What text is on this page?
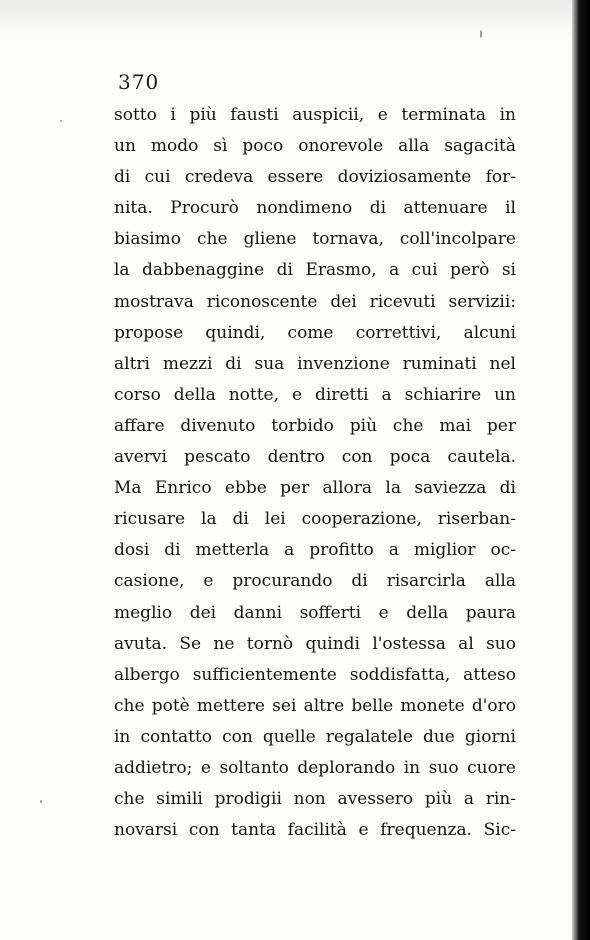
370
sotto i più fausti auspicii, e terminata in
un modo sì poco onorevole alla sagacità
di cui credeva essere doviziosamente for-
nita. Procurò nondimeno di attenuare il
biasimo che gliene tornava, coll'incolpare
la dabbenaggine di Erasmo, a cui però si
mostrava riconoscente dei ricevuti servizii:
propose quindi, come correttivi, alcuni
altri mezzi di sua invenzione ruminati nel
corso della notte, e diretti a schiarire un
affare divenuto torbido più che mai per
avervi pescato dentro con poca cautela.
Ma Enrico ebbe per allora la saviezza di
ricusare la di lei cooperazione, riserban-
dosi di metterla a profitto a miglior oc-
casione, e procurando di risarcirla alla
meglio dei danni sofferti e della paura
avuta. Se ne tornò quindi l'ostessa al suo
albergo sufficientemente soddisfatta, atteso
che potè mettere sei altre belle monete d'oro
in contatto con quelle regalatele due giorni
addietro; e soltanto deplorando in suo cuore
che simili prodigii non avessero più a rin-
novarsi con tanta facilità e frequenza. Sic-
